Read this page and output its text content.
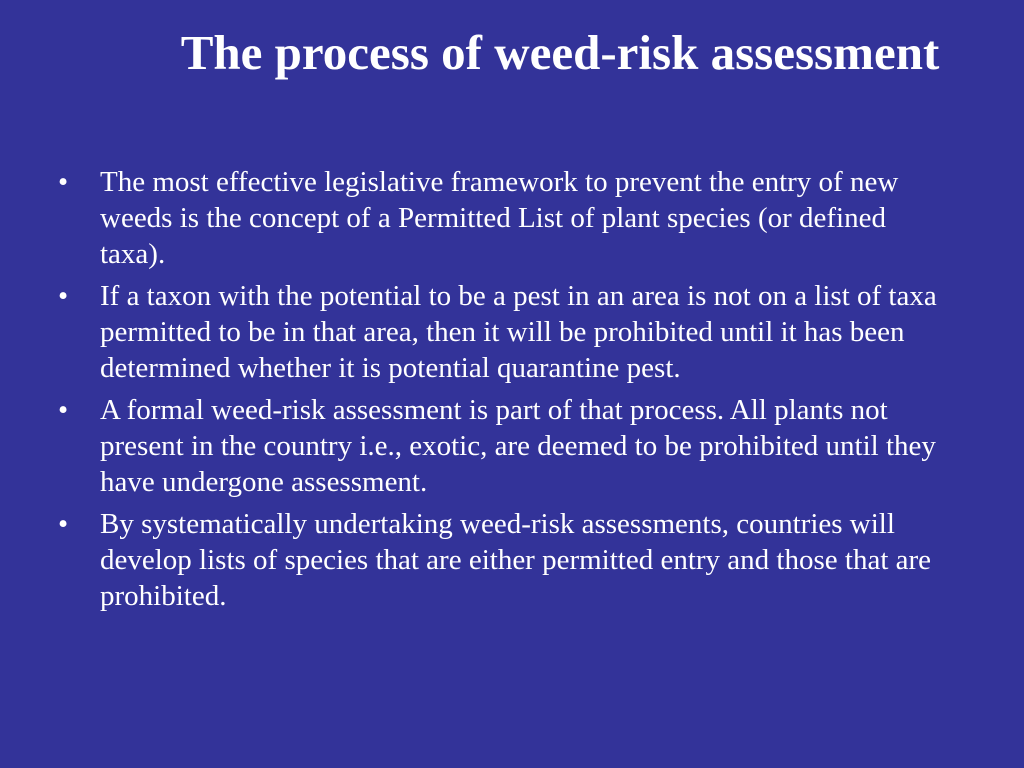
The process of weed-risk assessment
•	The most effective legislative framework to prevent the entry of new weeds is the concept of a Permitted List of plant species (or defined taxa).
•	If a taxon with the potential to be a pest in an area is not on a list of taxa permitted to be in that area, then it will be prohibited until it has been determined whether it is potential quarantine pest.
•	A formal weed-risk assessment is part of that process. All plants not present in the country i.e., exotic, are deemed to be prohibited until they have undergone assessment.
•	By systematically undertaking weed-risk assessments, countries will develop lists of species that are either permitted entry and those that are prohibited.
